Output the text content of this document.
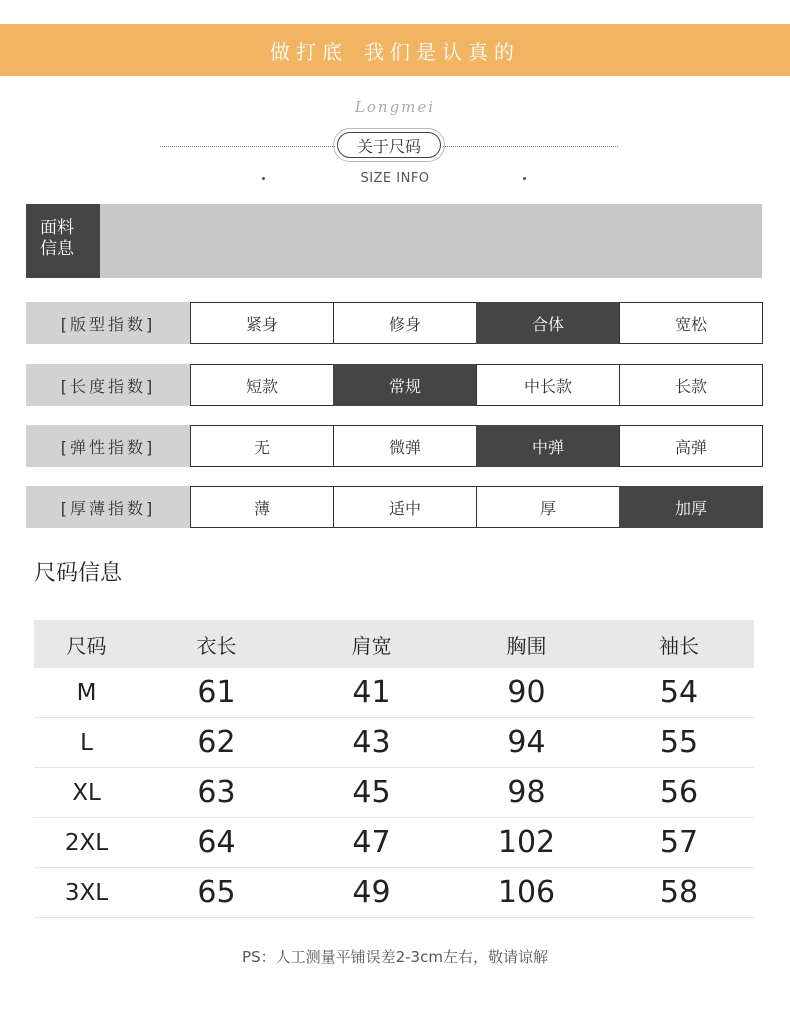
做打底 我们是认真的
Longmei
关于尺码
SIZE INFO
面料
信息
[版型指数]	紧身	修身	合体	宽松
[长度指数]	短款	常规	中长款	长款
[弹性指数]	无	微弹	中弹	高弹
[厚薄指数]	薄	适中	厚	加厚
尺码信息
尺码	衣长	肩宽	胸围	袖长
M	61	41	90	54
L	62	43	94	55
XL	63	45	98	56
2XL	64	47	102	57
3XL	65	49	106	58
PS：人工测量平铺误差2-3cm左右，敬请谅解
